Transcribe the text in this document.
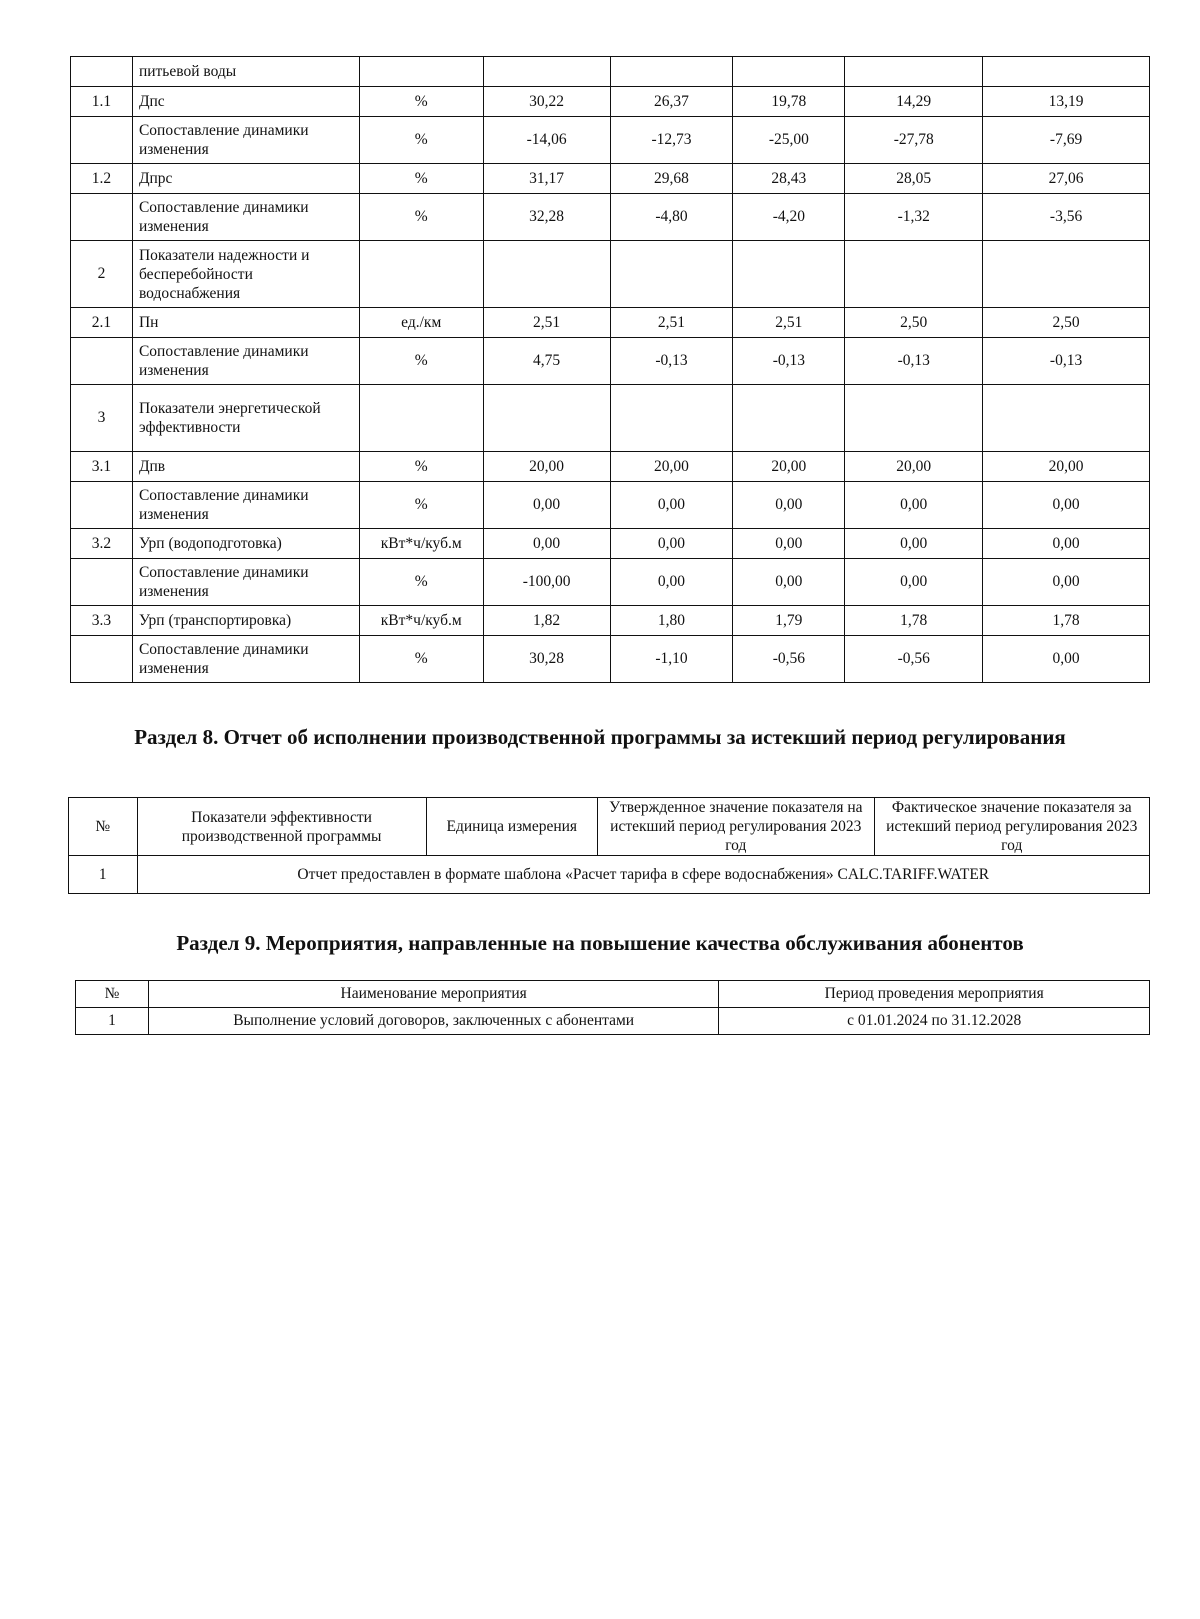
	питьевой воды						
1.1	Дпс	%	30,22	26,37	19,78	14,29	13,19
	Сопоставление динамики изменения	%	-14,06	-12,73	-25,00	-27,78	-7,69
1.2	Дпрс	%	31,17	29,68	28,43	28,05	27,06
	Сопоставление динамики изменения	%	32,28	-4,80	-4,20	-1,32	-3,56
2	Показатели надежности и бесперебойности водоснабжения						
2.1	Пн	ед./км	2,51	2,51	2,51	2,50	2,50
	Сопоставление динамики изменения	%	4,75	-0,13	-0,13	-0,13	-0,13
3	Показатели энергетической эффективности						
3.1	Дпв	%	20,00	20,00	20,00	20,00	20,00
	Сопоставление динамики изменения	%	0,00	0,00	0,00	0,00	0,00
3.2	Урп (водоподготовка)	кВт*ч/куб.м	0,00	0,00	0,00	0,00	0,00
	Сопоставление динамики изменения	%	-100,00	0,00	0,00	0,00	0,00
3.3	Урп (транспортировка)	кВт*ч/куб.м	1,82	1,80	1,79	1,78	1,78
	Сопоставление динамики изменения	%	30,28	-1,10	-0,56	-0,56	0,00
Раздел 8. Отчет об исполнении производственной программы за истекший период регулирования
№	Показатели эффективности производственной программы	Единица измерения	Утвержденное значение показателя на истекший период регулирования 2023 год	Фактическое значение показателя за истекший период регулирования 2023 год
1	Отчет предоставлен в формате шаблона «Расчет тарифа в сфере водоснабжения» CALC.TARIFF.WATER			
Раздел 9. Мероприятия, направленные на повышение качества обслуживания абонентов
№	Наименование мероприятия	Период проведения мероприятия
1	Выполнение условий договоров, заключенных с абонентами	с 01.01.2024 по 31.12.2028
